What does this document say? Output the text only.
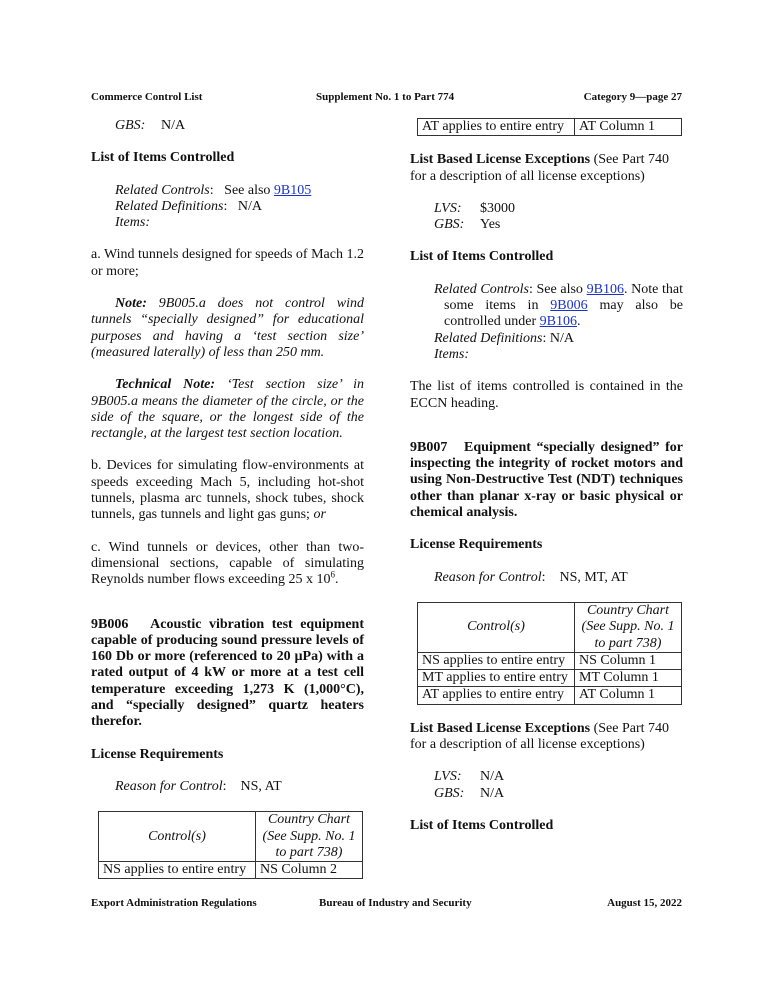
Commerce Control List	Supplement No. 1 to Part 774	Category 9—page 27
GBS:	N/A

List of Items Controlled

Related Controls:   See also 9B105

Related Definitions:   N/A

Items:

a. Wind tunnels designed for speeds of Mach 1.2 or more;

Note: 9B005.a does not control wind tunnels “specially designed” for educational purposes and having a ‘test section size’ (measured laterally) of less than 250 mm.

Technical Note: ‘Test section size’ in 9B005.a means the diameter of the circle, or the side of the square, or the longest side of the rectangle, at the largest test section location.

b. Devices for simulating flow-environments at speeds exceeding Mach 5, including hot-shot tunnels, plasma arc tunnels, shock tubes, shock tunnels, gas tunnels and light gas guns; or

c. Wind tunnels or devices, other than two-dimensional sections, capable of simulating Reynolds number flows exceeding 25 x $10^6$.

9B006 Acoustic vibration test equipment capable of producing sound pressure levels of 160 Db or more (referenced to 20 µPa) with a rated output of 4 kW or more at a test cell temperature exceeding 1,273 K (1,000°C), and “specially designed” quartz heaters therefor.

License Requirements

Reason for Control:    NS, AT

Control(s)	Country Chart (See Supp. No. 1 to part 738)
NS applies to entire entry	NS Column 2
AT applies to entire entry	AT Column 1

List Based License Exceptions (See Part 740 for a description of all license exceptions)

LVS:	$3000
GBS:	Yes

List of Items Controlled

Related Controls: See also 9B106. Note that some items in 9B006 may also be controlled under 9B106.

Related Definitions: N/A

Items:

The list of items controlled is contained in the ECCN heading.

9B007 Equipment “specially designed” for inspecting the integrity of rocket motors and using Non-Destructive Test (NDT) techniques other than planar x-ray or basic physical or chemical analysis.

License Requirements

Reason for Control:    NS, MT, AT

Control(s)	Country Chart (See Supp. No. 1 to part 738)
NS applies to entire entry	NS Column 1
MT applies to entire entry	MT Column 1
AT applies to entire entry	AT Column 1

List Based License Exceptions (See Part 740 for a description of all license exceptions)

LVS:	N/A
GBS:	N/A

List of Items Controlled

Export Administration Regulations	Bureau of Industry and Security	August 15, 2022
